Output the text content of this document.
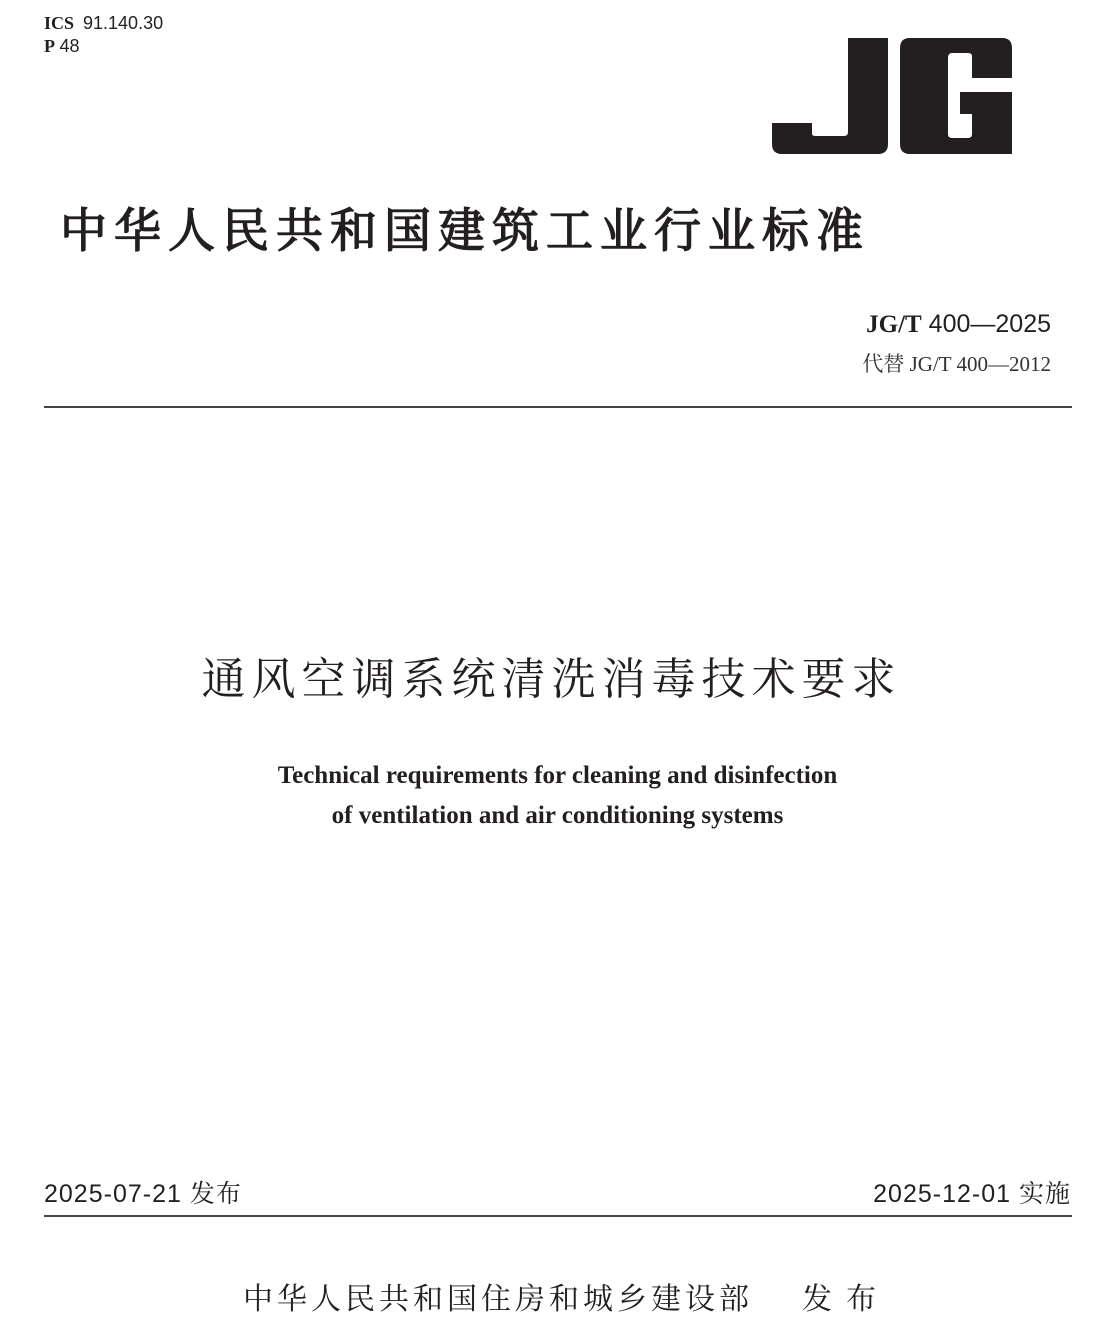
ICS 91.140.30
P 48
中华人民共和国建筑工业行业标准
JG/T 400—2025
代替 JG/T 400—2012
通风空调系统清洗消毒技术要求
Technical requirements for cleaning and disinfection
of ventilation and air conditioning systems
2025-07-21 发布	2025-12-01 实施
中华人民共和国住房和城乡建设部 发布
